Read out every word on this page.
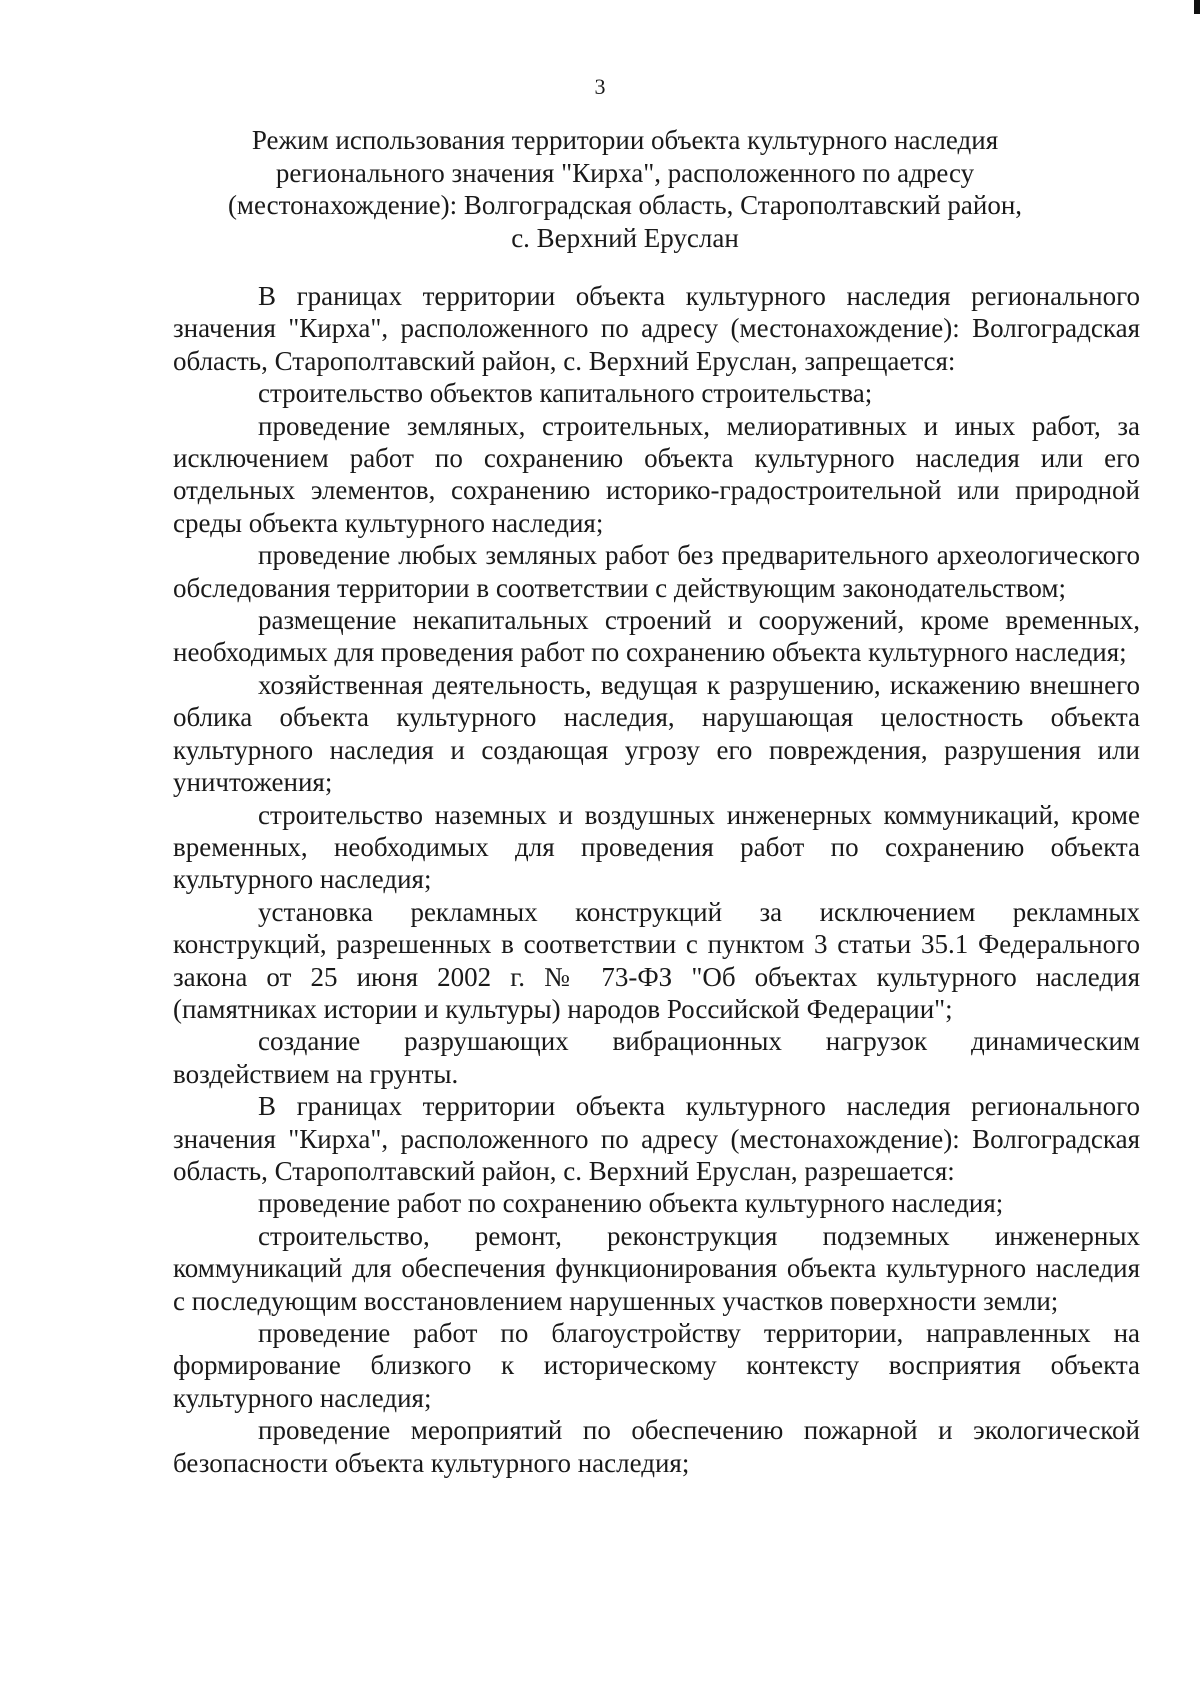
3
Режим использования территории объекта культурного наследия
регионального значения "Кирха", расположенного по адресу
(местонахождение): Волгоградская область, Старополтавский район,
с. Верхний Еруслан

В границах территории объекта культурного наследия регионального значения "Кирха", расположенного по адресу (местонахождение): Волгоградская область, Старополтавский район, с. Верхний Еруслан, запрещается:

строительство объектов капитального строительства;

проведение земляных, строительных, мелиоративных и иных работ, за исключением работ по сохранению объекта культурного наследия или его отдельных элементов, сохранению историко-градостроительной или природной среды объекта культурного наследия;

проведение любых земляных работ без предварительного археологического обследования территории в соответствии с действующим законодательством;

размещение некапитальных строений и сооружений, кроме временных, необходимых для проведения работ по сохранению объекта культурного наследия;

хозяйственная деятельность, ведущая к разрушению, искажению внешнего облика объекта культурного наследия, нарушающая целостность объекта культурного наследия и создающая угрозу его повреждения, разрушения или уничтожения;

строительство наземных и воздушных инженерных коммуникаций, кроме временных, необходимых для проведения работ по сохранению объекта культурного наследия;

установка рекламных конструкций за исключением рекламных конструкций, разрешенных в соответствии с пунктом 3 статьи 35.1 Федерального закона от 25 июня 2002 г. № 73-ФЗ "Об объектах культурного наследия (памятниках истории и культуры) народов Российской Федерации";

создание разрушающих вибрационных нагрузок динамическим воздействием на грунты.

В границах территории объекта культурного наследия регионального значения "Кирха", расположенного по адресу (местонахождение): Волгоградская область, Старополтавский район, с. Верхний Еруслан, разрешается:

проведение работ по сохранению объекта культурного наследия;

строительство, ремонт, реконструкция подземных инженерных коммуникаций для обеспечения функционирования объекта культурного наследия с последующим восстановлением нарушенных участков поверхности земли;

проведение работ по благоустройству территории, направленных на формирование близкого к историческому контексту восприятия объекта культурного наследия;

проведение мероприятий по обеспечению пожарной и экологической безопасности объекта культурного наследия;
